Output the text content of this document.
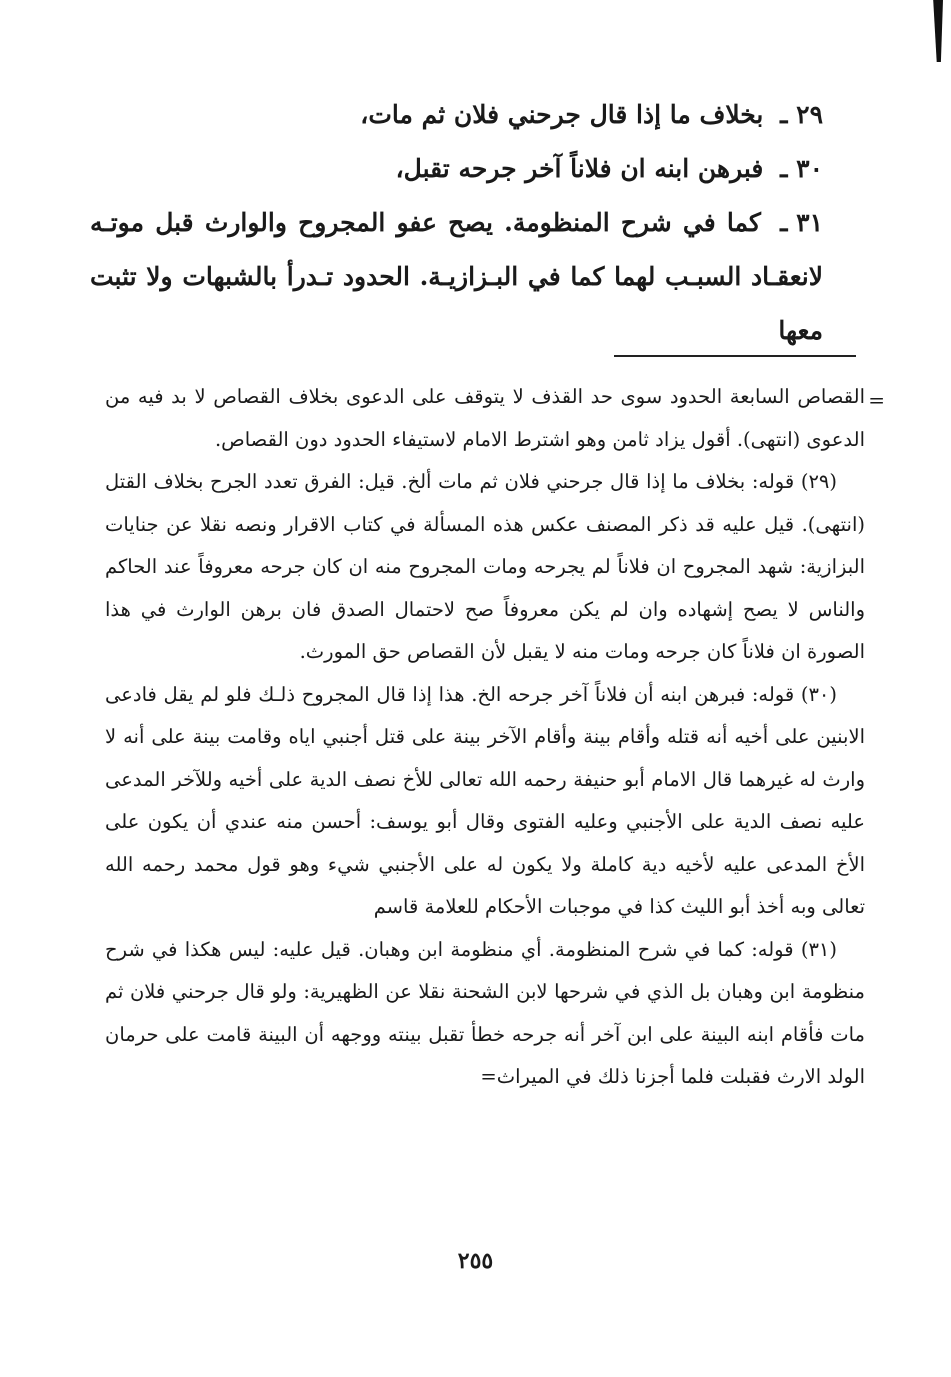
٢٩ ـ بخلاف ما إذا قال جرحني فلان ثم مات،

٣٠ ـ فبرهن ابنه ان فلاناً آخر جرحه تقبل،

٣١ ـ كما في شرح المنظومة. يصح عفو المجروح والوارث قبل موتـه لانعقـاد السبـب لهما كما في البـزازيـة. الحدود تـدرأ بالشبهات ولا تثبت معها

=

القصاص السابعة الحدود سوى حد القذف لا يتوقف على الدعوى بخلاف القصاص لا بد فيه من الدعوى (انتهى). أقول يزاد ثامن وهو اشترط الامام لاستيفاء الحدود دون القصاص.

(٢٩) قوله: بخلاف ما إذا قال جرحني فلان ثم مات ألخ. قيل: الفرق تعدد الجرح بخلاف القتل (انتهى). قيل عليه قد ذكر المصنف عكس هذه المسألة في كتاب الاقرار ونصه نقلا عن جنايات البزازية: شهد المجروح ان فلاناً لم يجرحه ومات المجروح منه ان كان جرحه معروفاً عند الحاكم والناس لا يصح إشهاده وان لم يكن معروفاً صح لاحتمال الصدق فان برهن الوارث في هذا الصورة ان فلاناً كان جرحه ومات منه لا يقبل لأن القصاص حق المورث.

(٣٠) قوله: فبرهن ابنه أن فلاناً آخر جرحه الخ. هذا إذا قال المجروح ذلـك فلو لم يقل فادعى الابنين على أخيه أنه قتله وأقام بينة وأقام الآخر بينة على قتل أجنبي اياه وقامت بينة على أنه لا وارث له غيرهما قال الامام أبو حنيفة رحمه الله تعالى للأخ نصف الدية على أخيه وللآخر المدعى عليه نصف الدية على الأجنبي وعليه الفتوى وقال أبو يوسف: أحسن منه عندي أن يكون على الأخ المدعى عليه لأخيه دية كاملة ولا يكون له على الأجنبي شيء وهو قول محمد رحمه الله تعالى وبه أخذ أبو الليث كذا في موجبات الأحكام للعلامة قاسم

(٣١) قوله: كما في شرح المنظومة. أي منظومة ابن وهبان. قيل عليه: ليس هكذا في شرح منظومة ابن وهبان بل الذي في شرحها لابن الشحنة نقلا عن الظهيرية: ولو قال جرحني فلان ثم مات فأقام ابنه البينة على ابن آخر أنه جرحه خطأ تقبل بينته ووجهه أن البينة قامت على حرمان الولد الارث فقبلت فلما أجزنا ذلك في الميراث=

٢٥٥
